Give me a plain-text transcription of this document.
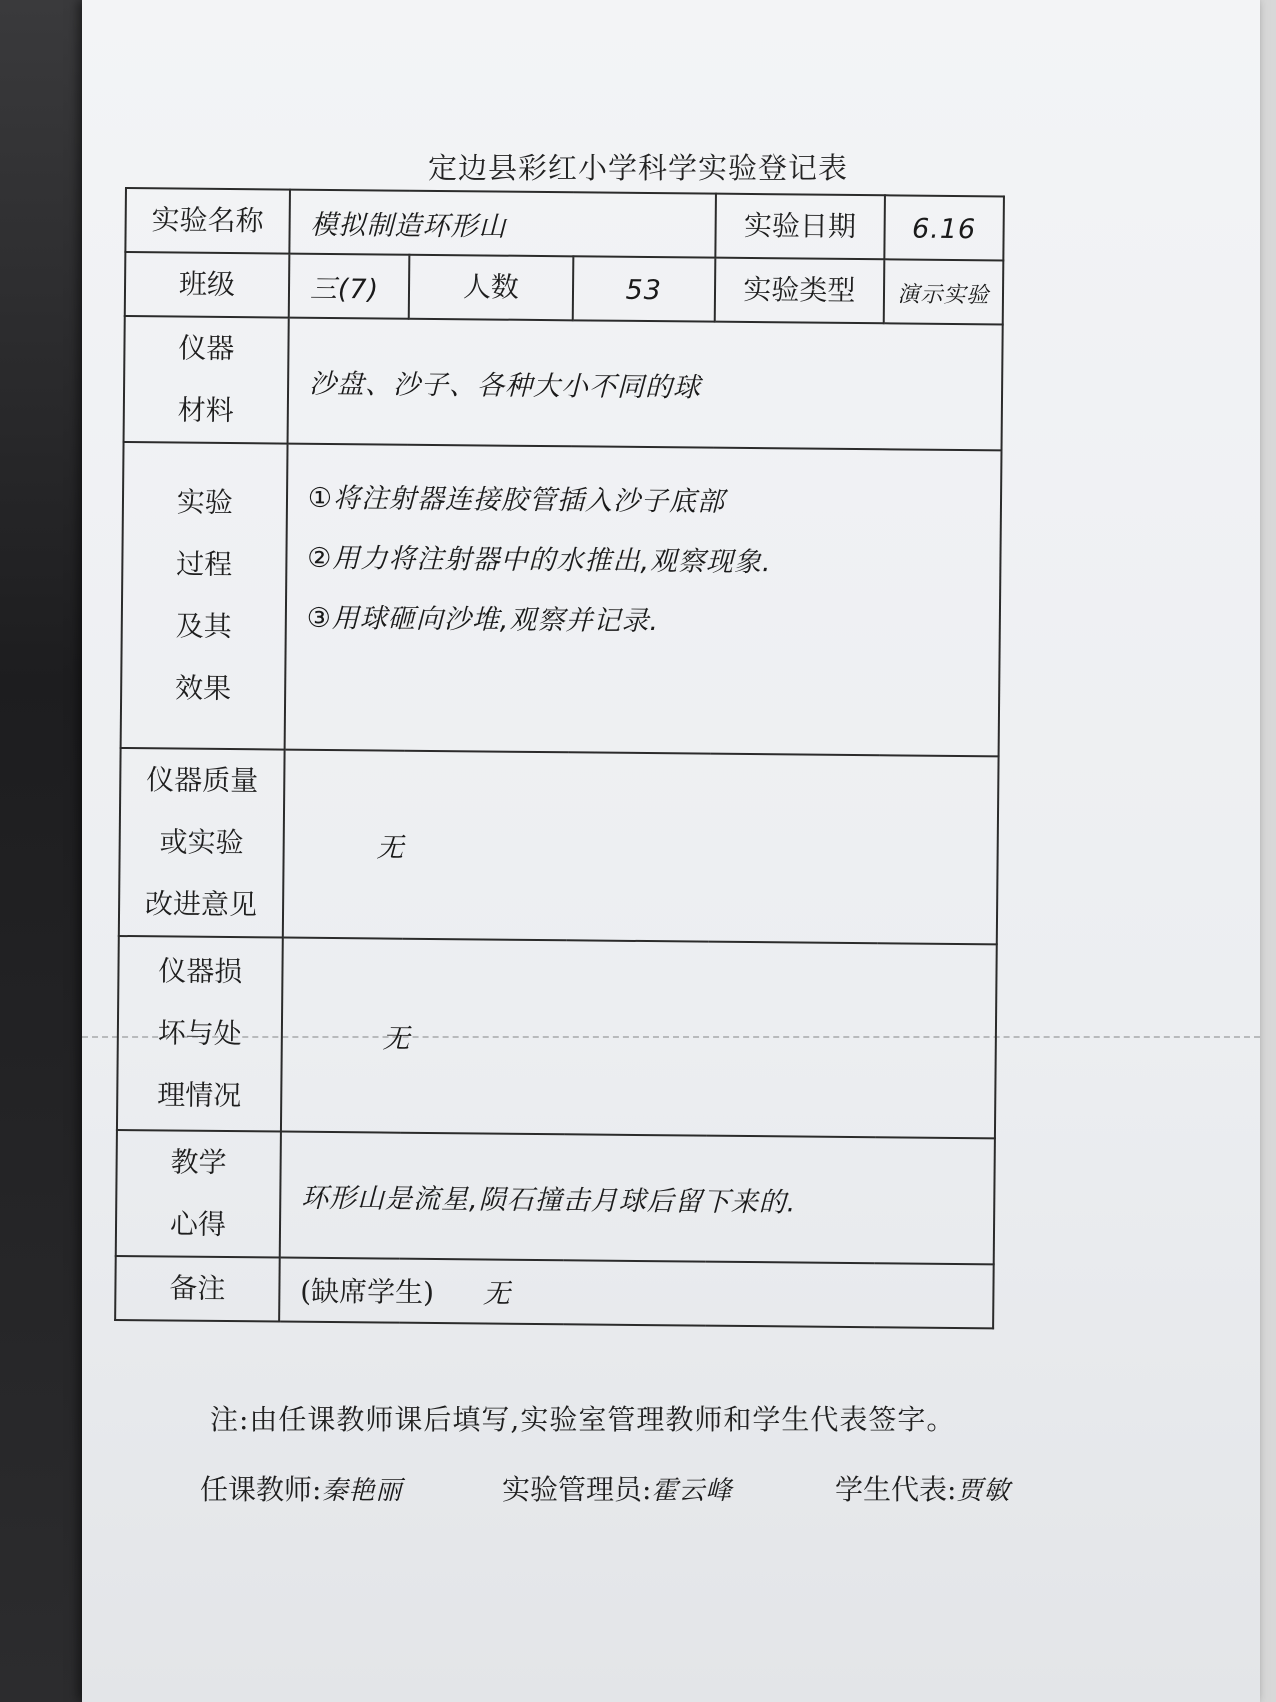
定边县彩红小学科学实验登记表
实验名称	模拟制造环形山			实验日期	6.16
班级	三(7)	人数	53	实验类型	演示实验

仪器
材料	沙盘、沙子、各种大小不同的球				

实验
过程
及其
效果	①将注射器连接胶管插入沙子底部
②用力将注射器中的水推出,观察现象.
③用球砸向沙堆,观察并记录.				

仪器质量
或实验
改进意见	无				

仪器损
坏与处
理情况	无				

教学
心得	环形山是流星,陨石撞击月球后留下来的.				
备注	(缺席学生) 无				
注:由任课教师课后填写,实验室管理教师和学生代表签字。
任课教师:秦艳丽	实验管理员:霍云峰	学生代表:贾敏
